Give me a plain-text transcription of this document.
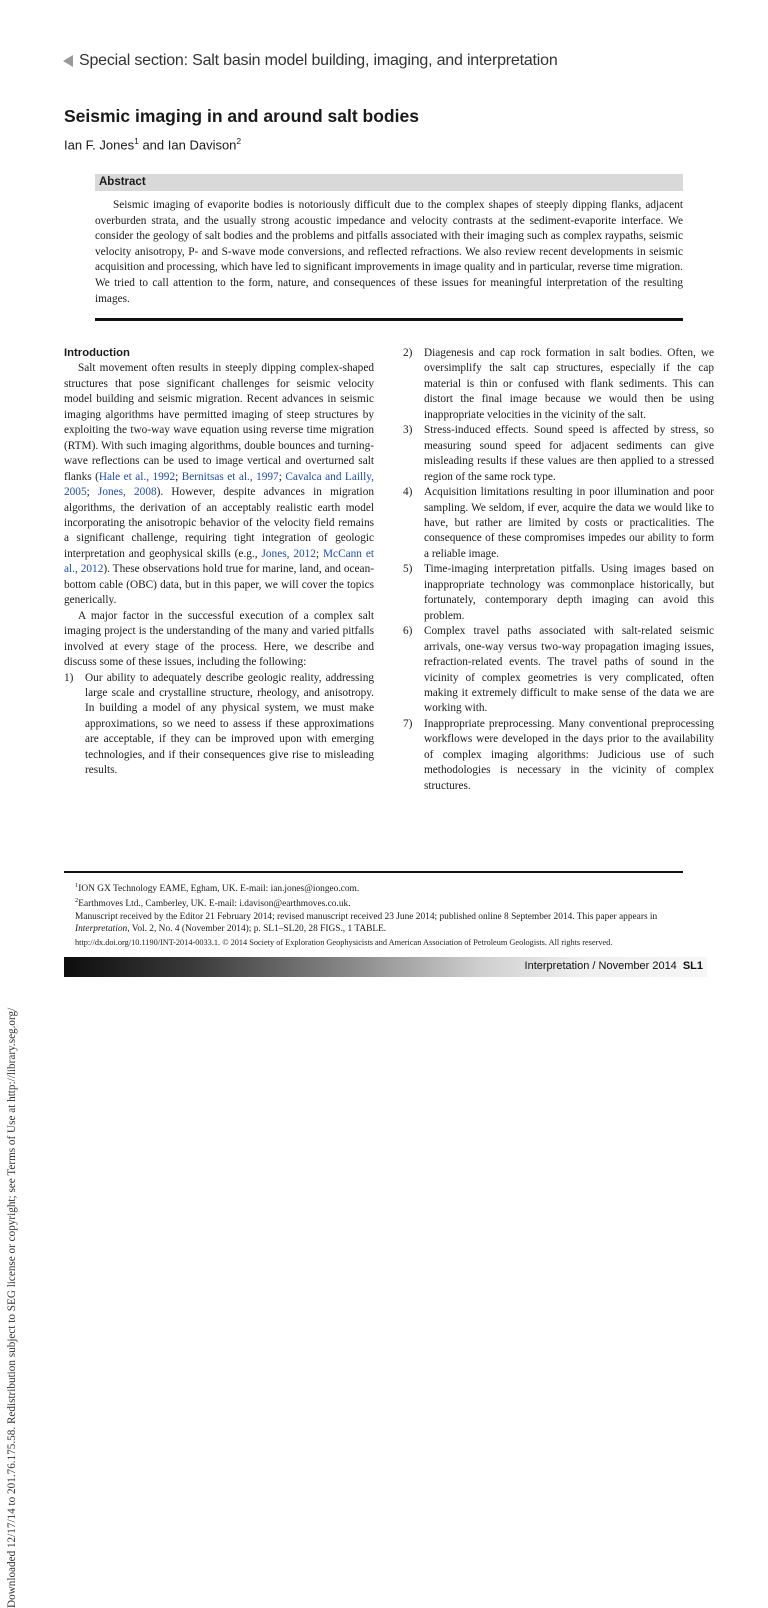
Downloaded 12/17/14 to 201.76.175.58. Redistribution subject to SEG license or copyright; see Terms of Use at http://library.seg.org/
Special section: Salt basin model building, imaging, and interpretation
Seismic imaging in and around salt bodies
Ian F. Jones$^1$ and Ian Davison$^2$
Abstract

Seismic imaging of evaporite bodies is notoriously difficult due to the complex shapes of steeply dipping flanks, adjacent overburden strata, and the usually strong acoustic impedance and velocity contrasts at the sediment-evaporite interface. We consider the geology of salt bodies and the problems and pitfalls associated with their imaging such as complex raypaths, seismic velocity anisotropy, P- and S-wave mode conversions, and reflected refractions. We also review recent developments in seismic acquisition and processing, which have led to significant improvements in image quality and in particular, reverse time migration. We tried to call attention to the form, nature, and consequences of these issues for meaningful interpretation of the resulting images.

Introduction

Salt movement often results in steeply dipping complex-shaped structures that pose significant challenges for seismic velocity model building and seismic migration. Recent advances in seismic imaging algorithms have permitted imaging of steep structures by exploiting the two-way wave equation using reverse time migration (RTM). With such imaging algorithms, double bounces and turning-wave reflections can be used to image vertical and overturned salt flanks (Hale et al., 1992; Bernitsas et al., 1997; Cavalca and Lailly, 2005; Jones, 2008). However, despite advances in migration algorithms, the derivation of an acceptably realistic earth model incorporating the anisotropic behavior of the velocity field remains a significant challenge, requiring tight integration of geologic interpretation and geophysical skills (e.g., Jones, 2012; McCann et al., 2012). These observations hold true for marine, land, and ocean-bottom cable (OBC) data, but in this paper, we will cover the topics generically.

A major factor in the successful execution of a complex salt imaging project is the understanding of the many and varied pitfalls involved at every stage of the process. Here, we describe and discuss some of these issues, including the following:

1) Our ability to adequately describe geologic reality, addressing large scale and crystalline structure, rheology, and anisotropy. In building a model of any physical system, we must make approximations, so we need to assess if these approximations are acceptable, if they can be improved upon with emerging technologies, and if their consequences give rise to misleading results.
2) Diagenesis and cap rock formation in salt bodies. Often, we oversimplify the salt cap structures, especially if the cap material is thin or confused with flank sediments. This can distort the final image because we would then be using inappropriate velocities in the vicinity of the salt.
3) Stress-induced effects. Sound speed is affected by stress, so measuring sound speed for adjacent sediments can give misleading results if these values are then applied to a stressed region of the same rock type.
4) Acquisition limitations resulting in poor illumination and poor sampling. We seldom, if ever, acquire the data we would like to have, but rather are limited by costs or practicalities. The consequence of these compromises impedes our ability to form a reliable image.
5) Time-imaging interpretation pitfalls. Using images based on inappropriate technology was commonplace historically, but fortunately, contemporary depth imaging can avoid this problem.
6) Complex travel paths associated with salt-related seismic arrivals, one-way versus two-way propagation imaging issues, refraction-related events. The travel paths of sound in the vicinity of complex geometries is very complicated, often making it extremely difficult to make sense of the data we are working with.
7) Inappropriate preprocessing. Many conventional preprocessing workflows were developed in the days prior to the availability of complex imaging algorithms: Judicious use of such methodologies is necessary in the vicinity of complex structures.
$^1$ION GX Technology EAME, Egham, UK. E-mail: ian.jones@iongeo.com.
$^2$Earthmoves Ltd., Camberley, UK. E-mail: i.davison@earthmoves.co.uk.
Manuscript received by the Editor 21 February 2014; revised manuscript received 23 June 2014; published online 8 September 2014. This paper appears in Interpretation, Vol. 2, No. 4 (November 2014); p. SL1–SL20, 28 FIGS., 1 TABLE.
http://dx.doi.org/10.1190/INT-2014-0033.1. © 2014 Society of Exploration Geophysicists and American Association of Petroleum Geologists. All rights reserved.
Interpretation / November 2014 SL1
